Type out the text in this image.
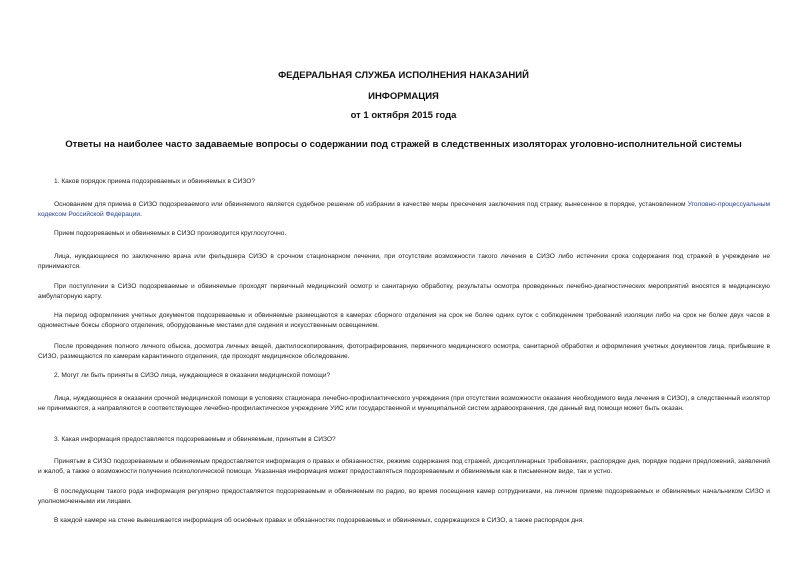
ФЕДЕРАЛЬНАЯ СЛУЖБА ИСПОЛНЕНИЯ НАКАЗАНИЙ
ИНФОРМАЦИЯ
от 1 октября 2015 года
Ответы на наиболее часто задаваемые вопросы о содержании под стражей в следственных изоляторах уголовно-исполнительной системы
1. Каков порядок приема подозреваемых и обвиняемых в СИЗО?
Основанием для приема в СИЗО подозреваемого или обвиняемого является судебное решение об избрании в качестве меры пресечения заключения под стражу, вынесенное в порядке, установленном Уголовно-процессуальным кодексом Российской Федерации.
Прием подозреваемых и обвиняемых в СИЗО производится круглосуточно.
Лица, нуждающиеся по заключению врача или фельдшера СИЗО в срочном стационарном лечении, при отсутствии возможности такого лечения в СИЗО либо истечении срока содержания под стражей в учреждение не принимаются.
При поступлении в СИЗО подозреваемые и обвиняемые проходят первичный медицинский осмотр и санитарную обработку, результаты осмотра проведенных лечебно-диагностических мероприятий вносятся в медицинскую амбулаторную карту.
На период оформления учетных документов подозреваемые и обвиняемые размещаются в камерах сборного отделения на срок не более одних суток с соблюдением требований изоляции либо на срок не более двух часов в одноместные боксы сборного отделения, оборудованные местами для сидения и искусственным освещением.
После проведения полного личного обыска, досмотра личных вещей, дактилоскопирования, фотографирования, первичного медицинского осмотра, санитарной обработки и оформления учетных документов лица, прибывшие в СИЗО, размещаются по камерам карантинного отделения, где проходят медицинское обследование.
2. Могут ли быть приняты в СИЗО лица, нуждающиеся в оказании медицинской помощи?
Лица, нуждающиеся в оказании срочной медицинской помощи в условиях стационара лечебно-профилактического учреждения (при отсутствии возможности оказания необходимого вида лечения в СИЗО), в следственный изолятор не принимаются, а направляются в соответствующее лечебно-профилактическое учреждение УИС или государственной и муниципальной систем здравоохранения, где данный вид помощи может быть оказан.
3. Какая информация предоставляется подозреваемым и обвиняемым, принятым в СИЗО?
Принятым в СИЗО подозреваемым и обвиняемым предоставляется информация о правах и обязанностях, режиме содержания под стражей, дисциплинарных требованиях, распорядке дня, порядке подачи предложений, заявлений и жалоб, а также о возможности получения психологической помощи. Указанная информация может предоставляться подозреваемым и обвиняемым как в письменном виде, так и устно.
В последующем такого рода информация регулярно предоставляется подозреваемым и обвиняемым по радио, во время посещения камер сотрудниками, на личном приеме подозреваемых и обвиняемых начальником СИЗО и уполномоченными им лицами.
В каждой камере на стене вывешивается информация об основных правах и обязанностях подозреваемых и обвиняемых, содержащихся в СИЗО, а также распорядок дня.
